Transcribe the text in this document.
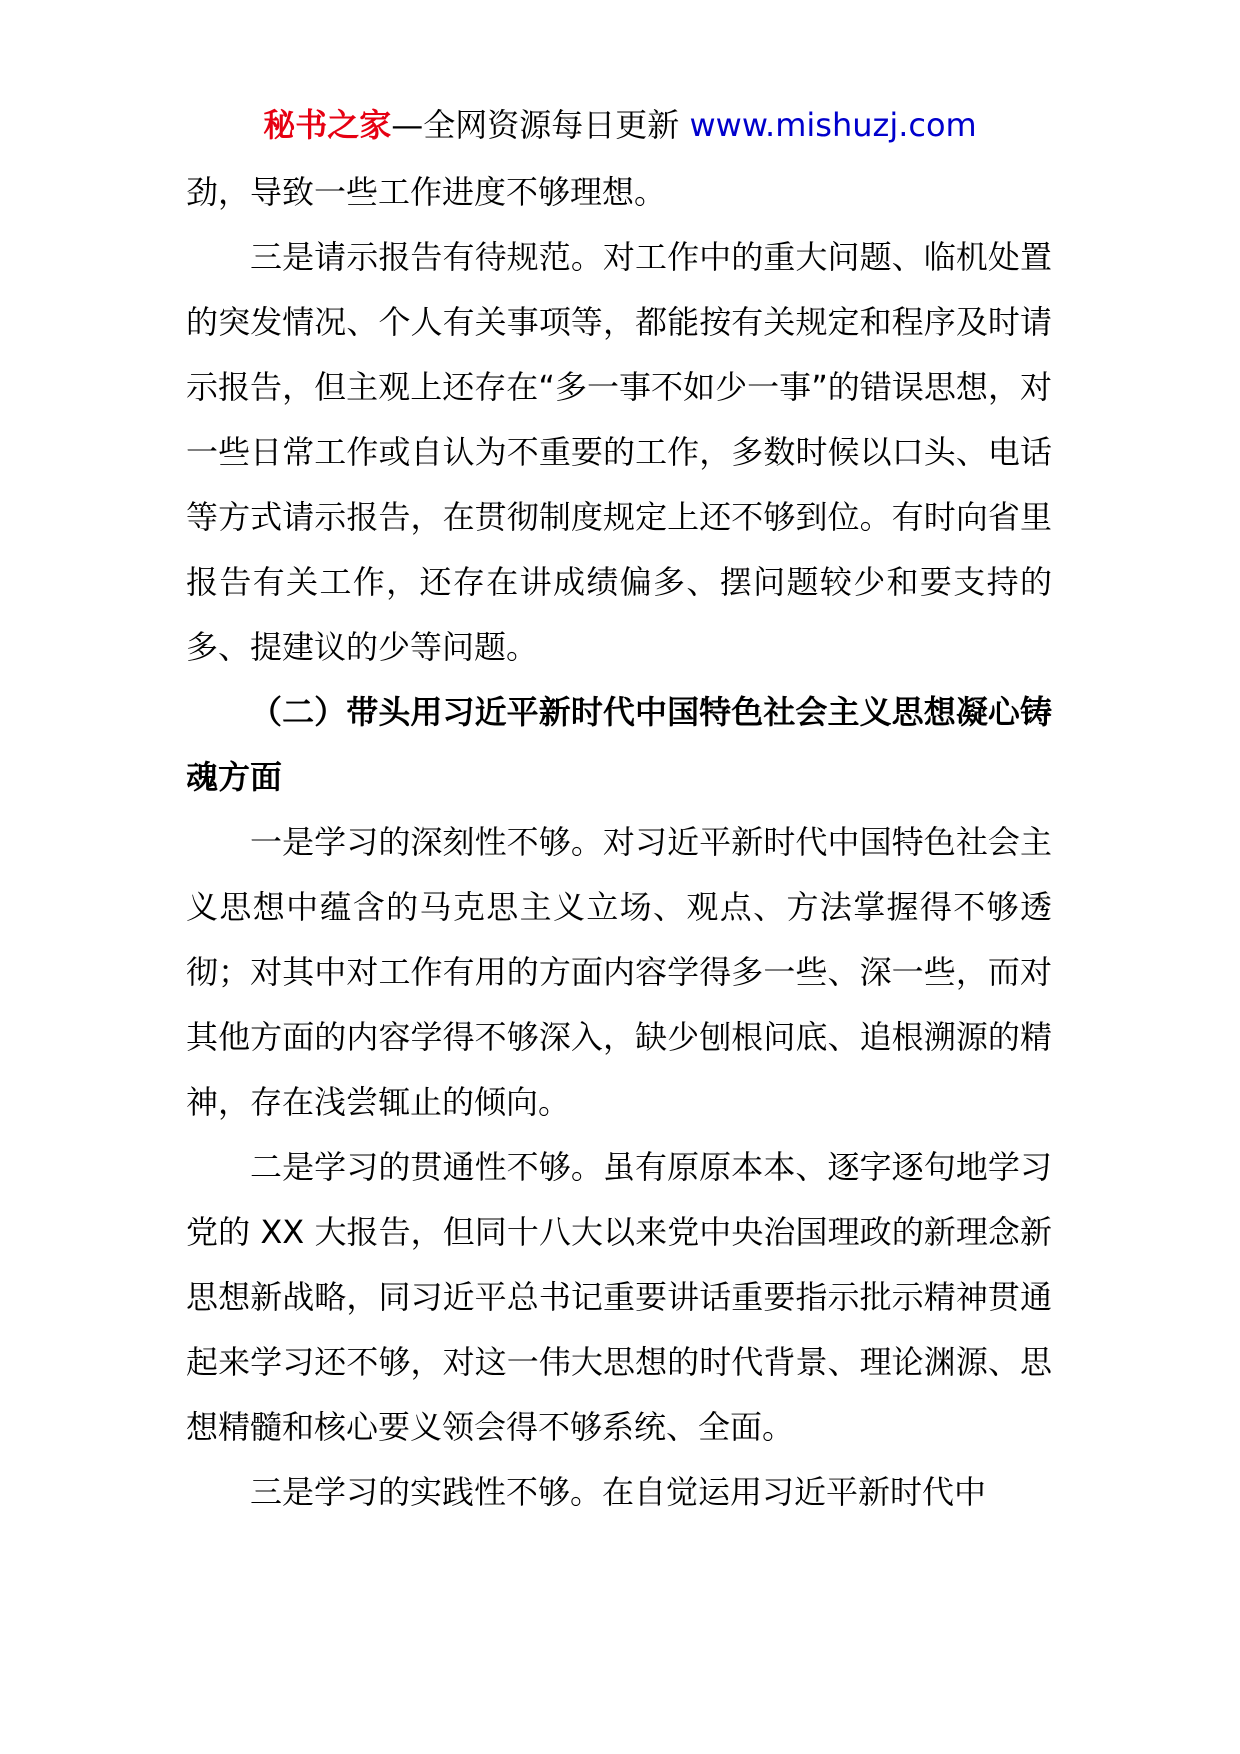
秘书之家—全网资源每日更新 www.mishuzj.com

劲，导致一些工作进度不够理想。

三是请示报告有待规范。对工作中的重大问题、临机处置的突发情况、个人有关事项等，都能按有关规定和程序及时请示报告，但主观上还存在“多一事不如少一事”的错误思想，对一些日常工作或自认为不重要的工作，多数时候以口头、电话等方式请示报告，在贯彻制度规定上还不够到位。有时向省里报告有关工作，还存在讲成绩偏多、摆问题较少和要支持的多、提建议的少等问题。

（二）带头用习近平新时代中国特色社会主义思想凝心铸魂方面

一是学习的深刻性不够。对习近平新时代中国特色社会主义思想中蕴含的马克思主义立场、观点、方法掌握得不够透彻；对其中对工作有用的方面内容学得多一些、深一些，而对其他方面的内容学得不够深入，缺少刨根问底、追根溯源的精神，存在浅尝辄止的倾向。

二是学习的贯通性不够。虽有原原本本、逐字逐句地学习党的 XX 大报告，但同十八大以来党中央治国理政的新理念新思想新战略，同习近平总书记重要讲话重要指示批示精神贯通起来学习还不够，对这一伟大思想的时代背景、理论渊源、思想精髓和核心要义领会得不够系统、全面。

三是学习的实践性不够。在自觉运用习近平新时代中
